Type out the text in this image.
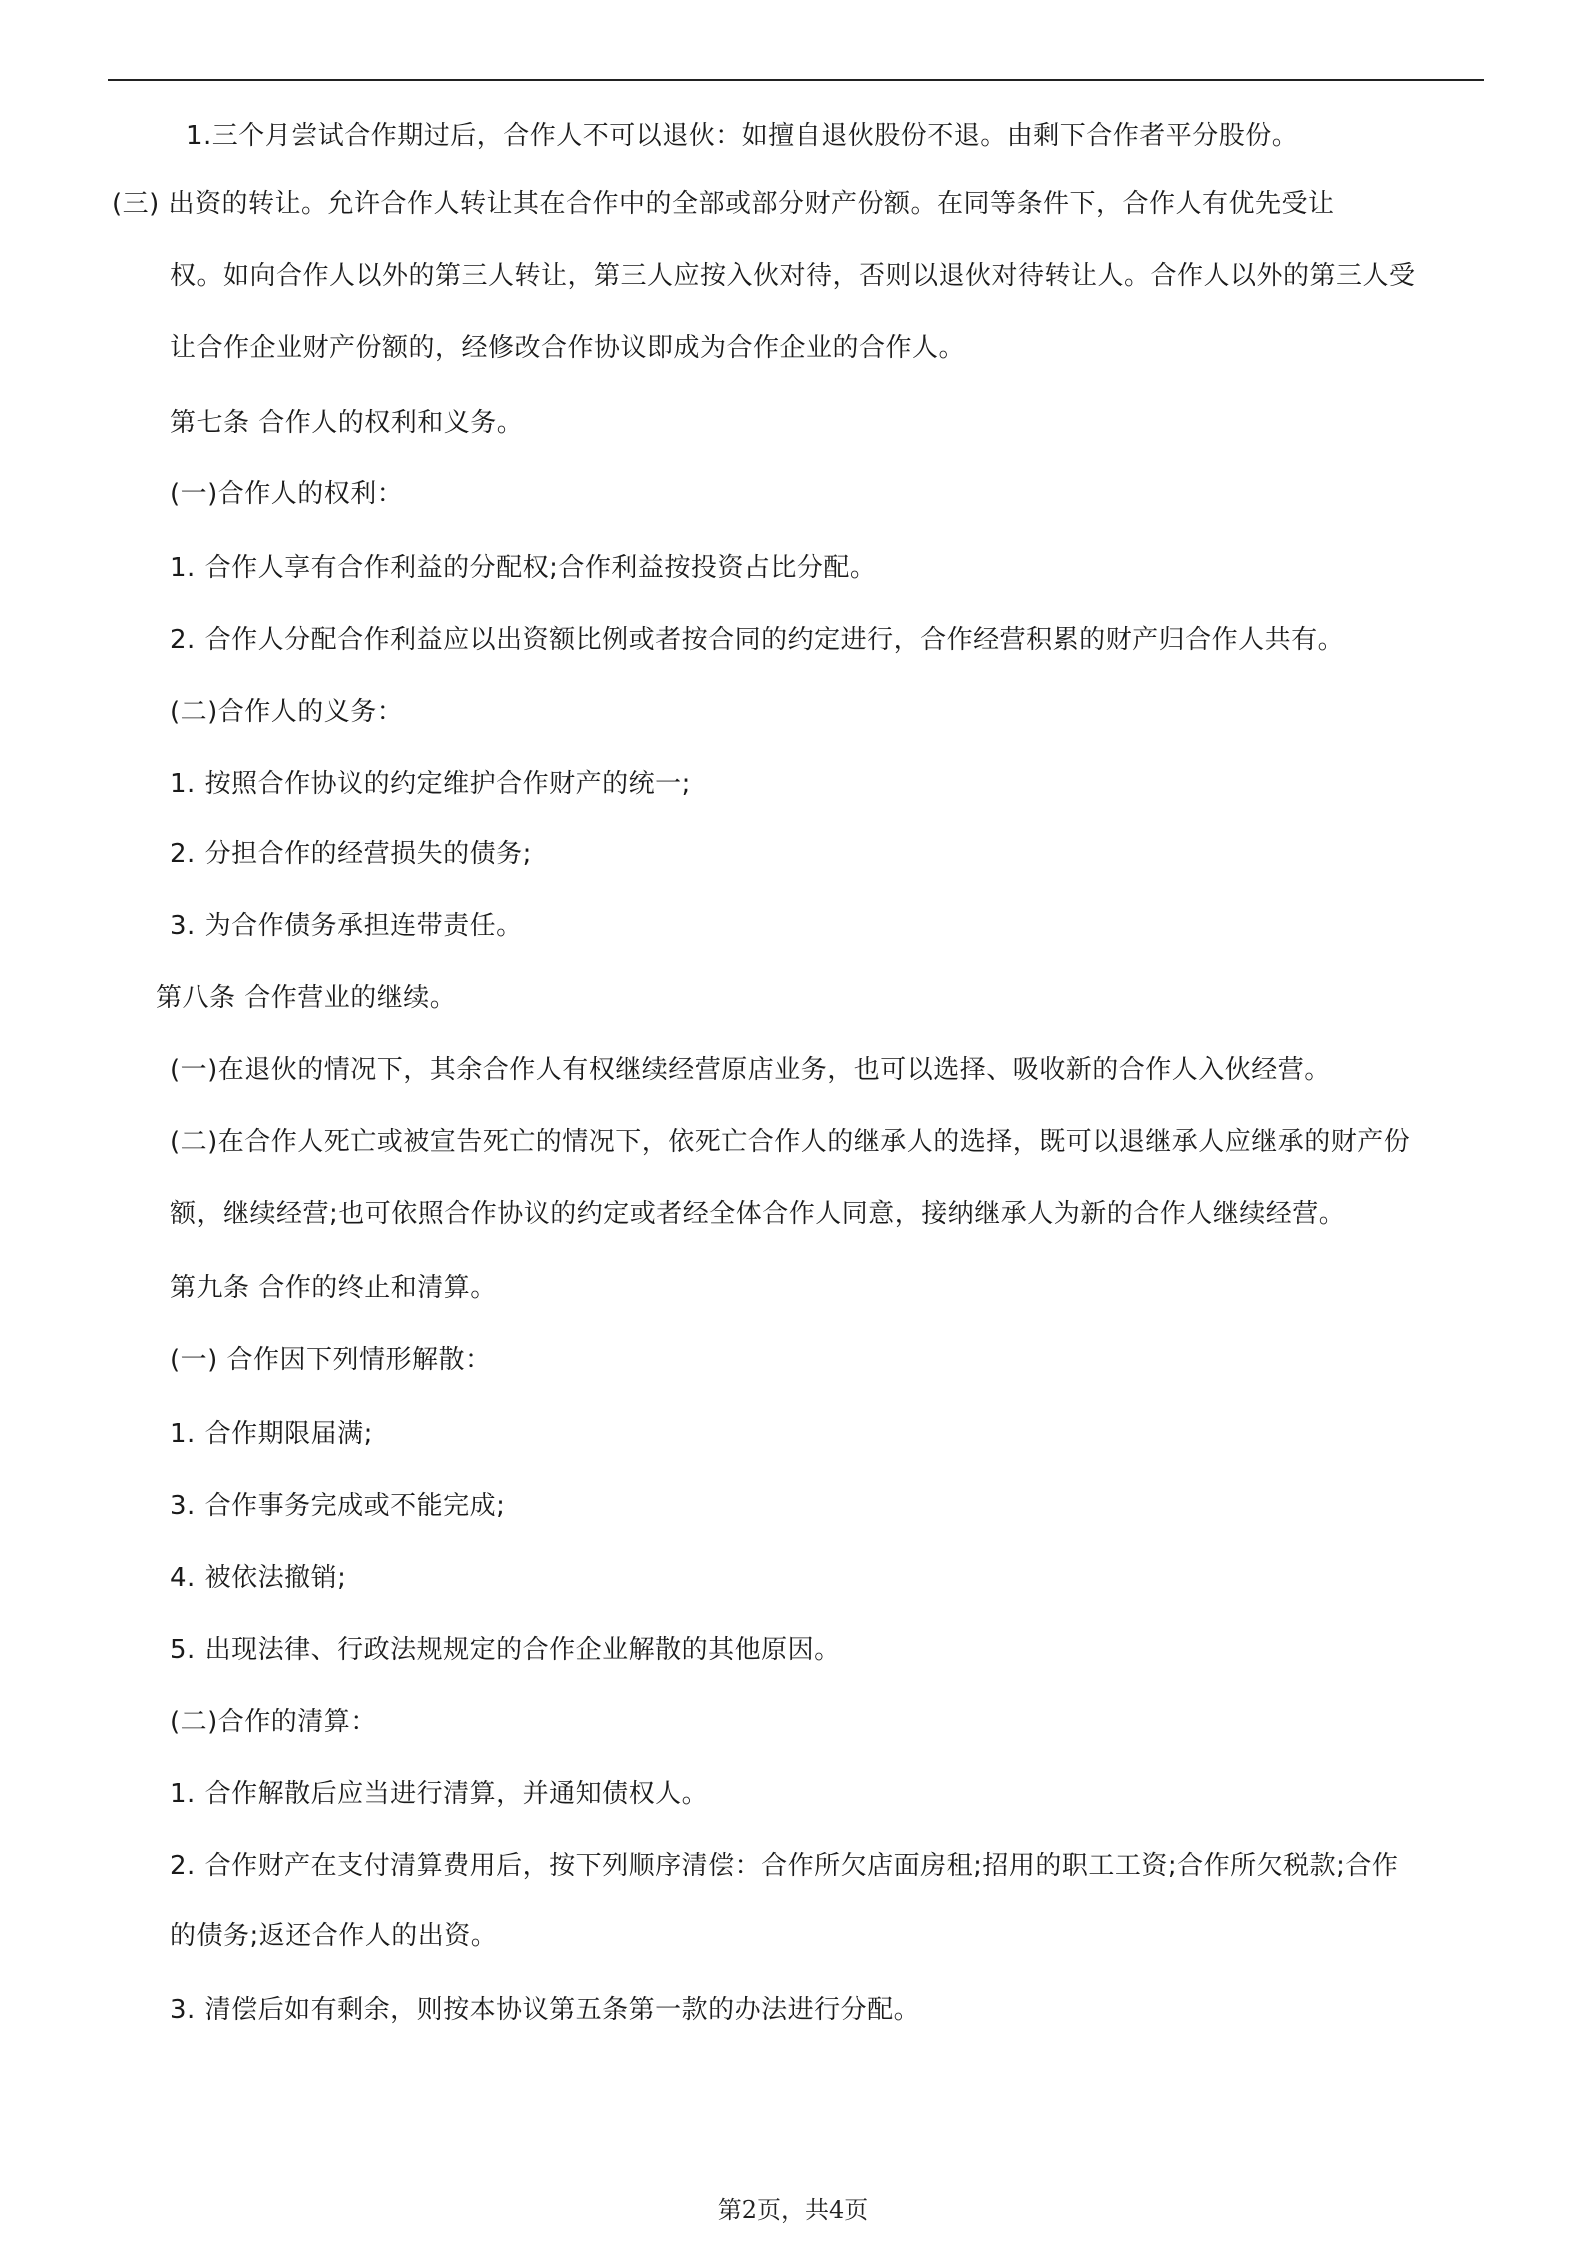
1.三个月尝试合作期过后，合作人不可以退伙：如擅自退伙股份不退。由剩下合作者平分股份。
(三) 出资的转让。允许合作人转让其在合作中的全部或部分财产份额。在同等条件下，合作人有优先受让
权。如向合作人以外的第三人转让，第三人应按入伙对待，否则以退伙对待转让人。合作人以外的第三人受
让合作企业财产份额的，经修改合作协议即成为合作企业的合作人。
第七条 合作人的权利和义务。
(一)合作人的权利：
1. 合作人享有合作利益的分配权;合作利益按投资占比分配。
2. 合作人分配合作利益应以出资额比例或者按合同的约定进行，合作经营积累的财产归合作人共有。
(二)合作人的义务：
1. 按照合作协议的约定维护合作财产的统一;
2. 分担合作的经营损失的债务;
3. 为合作债务承担连带责任。
第八条 合作营业的继续。
(一)在退伙的情况下，其余合作人有权继续经营原店业务，也可以选择、吸收新的合作人入伙经营。
(二)在合作人死亡或被宣告死亡的情况下，依死亡合作人的继承人的选择，既可以退继承人应继承的财产份
额，继续经营;也可依照合作协议的约定或者经全体合作人同意，接纳继承人为新的合作人继续经营。
第九条 合作的终止和清算。
(一) 合作因下列情形解散：
1. 合作期限届满;
3. 合作事务完成或不能完成;
4. 被依法撤销;
5. 出现法律、行政法规规定的合作企业解散的其他原因。
(二)合作的清算：
1. 合作解散后应当进行清算，并通知债权人。
2. 合作财产在支付清算费用后，按下列顺序清偿：合作所欠店面房租;招用的职工工资;合作所欠税款;合作
的债务;返还合作人的出资。
3. 清偿后如有剩余，则按本协议第五条第一款的办法进行分配。
第2页，共4页
